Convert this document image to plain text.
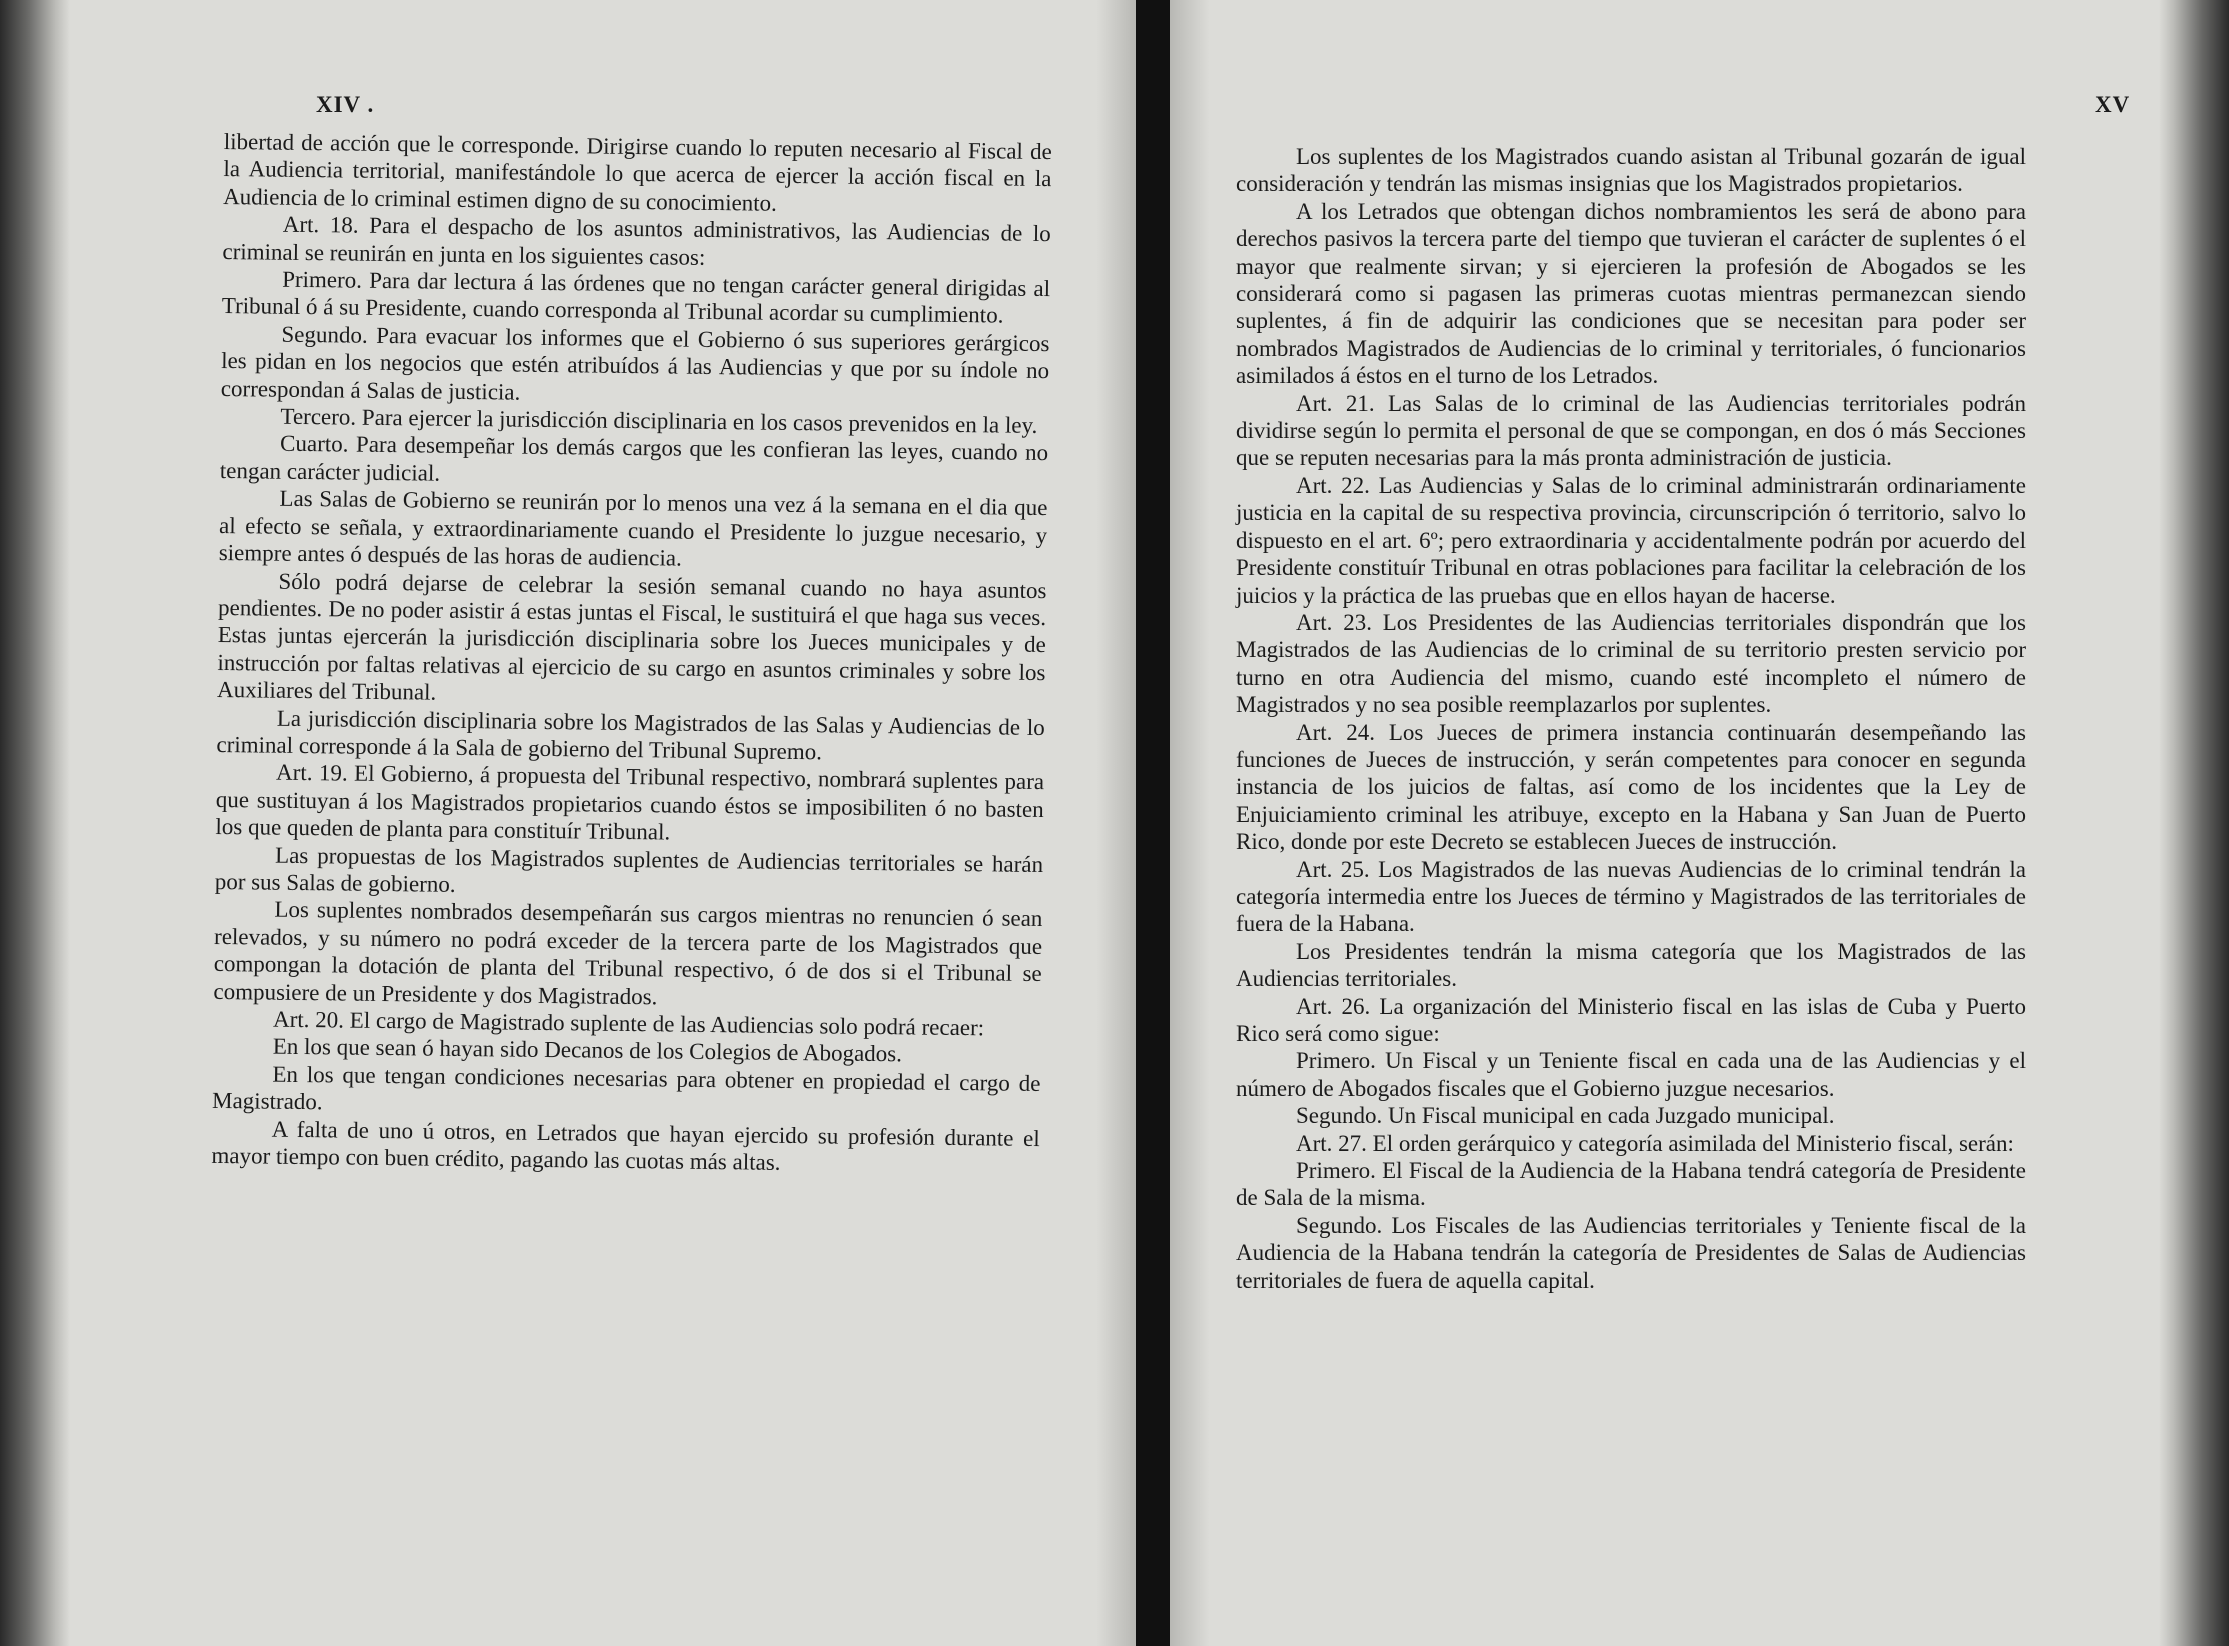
XIV .

libertad de acción que le corresponde. Dirigirse cuando lo reputen necesario al Fiscal de la Audiencia territorial, manifestándole lo que acerca de ejercer la acción fiscal en la Audiencia de lo criminal estimen digno de su conocimiento.

Art. 18. Para el despacho de los asuntos administrativos, las Audiencias de lo criminal se reunirán en junta en los siguientes casos:

Primero. Para dar lectura á las órdenes que no tengan carácter general dirigidas al Tribunal ó á su Presidente, cuando corresponda al Tribunal acordar su cumplimiento.

Segundo. Para evacuar los informes que el Gobierno ó sus superiores gerárgicos les pidan en los negocios que estén atribuídos á las Audiencias y que por su índole no correspondan á Salas de justicia.

Tercero. Para ejercer la jurisdicción disciplinaria en los casos prevenidos en la ley.

Cuarto. Para desempeñar los demás cargos que les confieran las leyes, cuando no tengan carácter judicial.

Las Salas de Gobierno se reunirán por lo menos una vez á la semana en el dia que al efecto se señala, y extraordinariamente cuando el Presidente lo juzgue necesario, y siempre antes ó después de las horas de audiencia.

Sólo podrá dejarse de celebrar la sesión semanal cuando no haya asuntos pendientes. De no poder asistir á estas juntas el Fiscal, le sustituirá el que haga sus veces. Estas juntas ejercerán la jurisdicción disciplinaria sobre los Jueces municipales y de instrucción por faltas relativas al ejercicio de su cargo en asuntos criminales y sobre los Auxiliares del Tribunal.

La jurisdicción disciplinaria sobre los Magistrados de las Salas y Audiencias de lo criminal corresponde á la Sala de gobierno del Tribunal Supremo.

Art. 19. El Gobierno, á propuesta del Tribunal respectivo, nombrará suplentes para que sustituyan á los Magistrados propietarios cuando éstos se imposibiliten ó no basten los que queden de planta para constituír Tribunal.

Las propuestas de los Magistrados suplentes de Audiencias territoriales se harán por sus Salas de gobierno.

Los suplentes nombrados desempeñarán sus cargos mientras no renuncien ó sean relevados, y su número no podrá exceder de la tercera parte de los Magistrados que compongan la dotación de planta del Tribunal respectivo, ó de dos si el Tribunal se compusiere de un Presidente y dos Magistrados.

Art. 20. El cargo de Magistrado suplente de las Audiencias solo podrá recaer:

En los que sean ó hayan sido Decanos de los Colegios de Abogados.

En los que tengan condiciones necesarias para obtener en propiedad el cargo de Magistrado.

A falta de uno ú otros, en Letrados que hayan ejercido su profesión durante el mayor tiempo con buen crédito, pagando las cuotas más altas.

XV

Los suplentes de los Magistrados cuando asistan al Tribunal gozarán de igual consideración y tendrán las mismas insignias que los Magistrados propietarios.

A los Letrados que obtengan dichos nombramientos les será de abono para derechos pasivos la tercera parte del tiempo que tuvieran el carácter de suplentes ó el mayor que realmente sirvan; y si ejercieren la profesión de Abogados se les considerará como si pagasen las primeras cuotas mientras permanezcan siendo suplentes, á fin de adquirir las condiciones que se necesitan para poder ser nombrados Magistrados de Audiencias de lo criminal y territoriales, ó funcionarios asimilados á éstos en el turno de los Letrados.

Art. 21. Las Salas de lo criminal de las Audiencias territoriales podrán dividirse según lo permita el personal de que se compongan, en dos ó más Secciones que se reputen necesarias para la más pronta administración de justicia.

Art. 22. Las Audiencias y Salas de lo criminal administrarán ordinariamente justicia en la capital de su respectiva provincia, circunscripción ó territorio, salvo lo dispuesto en el art. 6º; pero extraordinaria y accidentalmente podrán por acuerdo del Presidente constituír Tribunal en otras poblaciones para facilitar la celebración de los juicios y la práctica de las pruebas que en ellos hayan de hacerse.

Art. 23. Los Presidentes de las Audiencias territoriales dispondrán que los Magistrados de las Audiencias de lo criminal de su territorio presten servicio por turno en otra Audiencia del mismo, cuando esté incompleto el número de Magistrados y no sea posible reemplazarlos por suplentes.

Art. 24. Los Jueces de primera instancia continuarán desempeñando las funciones de Jueces de instrucción, y serán competentes para conocer en segunda instancia de los juicios de faltas, así como de los incidentes que la Ley de Enjuiciamiento criminal les atribuye, excepto en la Habana y San Juan de Puerto Rico, donde por este Decreto se establecen Jueces de instrucción.

Art. 25. Los Magistrados de las nuevas Audiencias de lo criminal tendrán la categoría intermedia entre los Jueces de término y Magistrados de las territoriales de fuera de la Habana.

Los Presidentes tendrán la misma categoría que los Magistrados de las Audiencias territoriales.

Art. 26. La organización del Ministerio fiscal en las islas de Cuba y Puerto Rico será como sigue:

Primero. Un Fiscal y un Teniente fiscal en cada una de las Audiencias y el número de Abogados fiscales que el Gobierno juzgue necesarios.

Segundo. Un Fiscal municipal en cada Juzgado municipal.

Art. 27. El orden gerárquico y categoría asimilada del Ministerio fiscal, serán:

Primero. El Fiscal de la Audiencia de la Habana tendrá categoría de Presidente de Sala de la misma.

Segundo. Los Fiscales de las Audiencias territoriales y Teniente fiscal de la Audiencia de la Habana tendrán la categoría de Presidentes de Salas de Audiencias territoriales de fuera de aquella capital.
